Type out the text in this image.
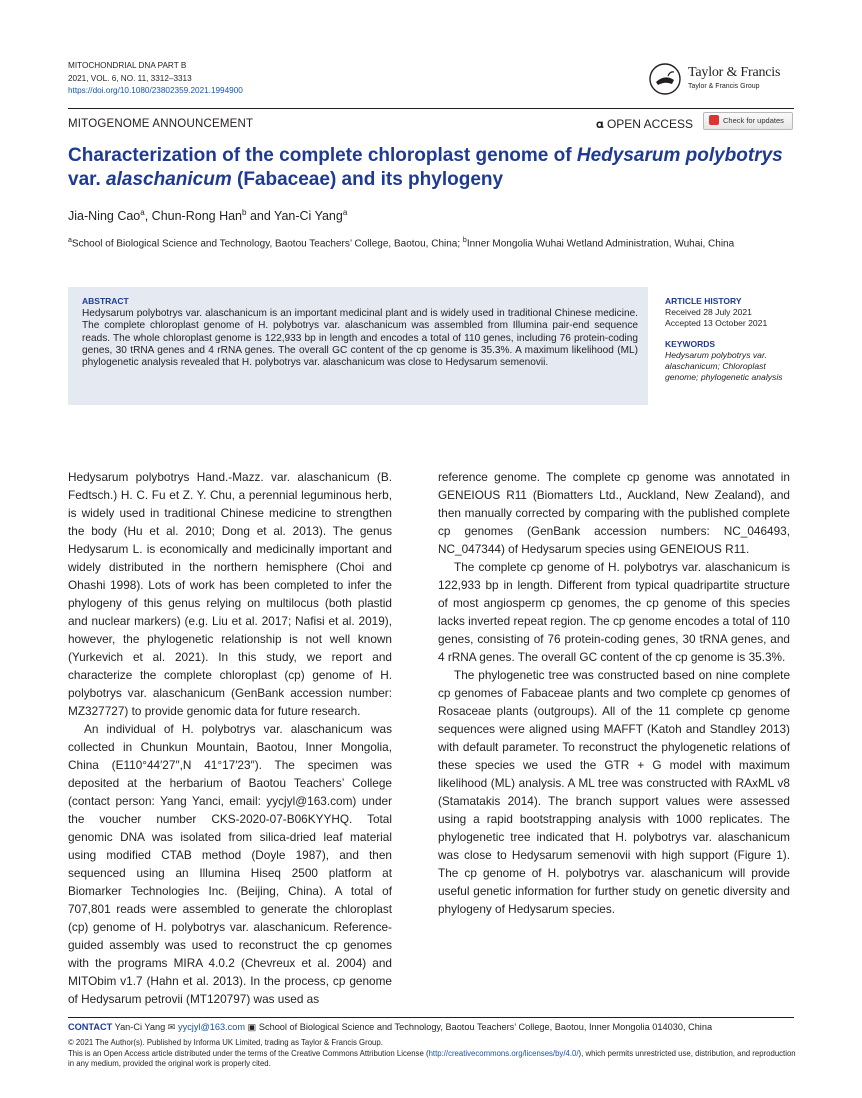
MITOCHONDRIAL DNA PART B
2021, VOL. 6, NO. 11, 3312–3313
https://doi.org/10.1080/23802359.2021.1994900
Taylor & Francis
Taylor & Francis Group
MITOGENOME ANNOUNCEMENT	𝛂 OPEN ACCESS	Check for updates
Characterization of the complete chloroplast genome of Hedysarum polybotrys
var. alaschanicum (Fabaceae) and its phylogeny
Jia-Ning Cao$^a$, Chun-Rong Han$^b$ and Yan-Ci Yang$^a$
$^a$School of Biological Science and Technology, Baotou Teachers’ College, Baotou, China; $^b$Inner Mongolia Wuhai Wetland Administration, Wuhai, China
ABSTRACT
Hedysarum polybotrys var. alaschanicum is an important medicinal plant and is widely used in traditional Chinese medicine. The complete chloroplast genome of H. polybotrys var. alaschanicum was assembled from Illumina pair-end sequence reads. The whole chloroplast genome is 122,933 bp in length and encodes a total of 110 genes, including 76 protein-coding genes, 30 tRNA genes and 4 rRNA genes. The overall GC content of the cp genome is 35.3%. A maximum likelihood (ML) phylogenetic analysis revealed that H. polybotrys var. alaschanicum was close to Hedysarum semenovii.
ARTICLE HISTORY
Received 28 July 2021
Accepted 13 October 2021
KEYWORDS
Hedysarum polybotrys var. alaschanicum; Chloroplast genome; phylogenetic analysis

Hedysarum polybotrys Hand.-Mazz. var. alaschanicum (B. Fedtsch.) H. C. Fu et Z. Y. Chu, a perennial leguminous herb, is widely used in traditional Chinese medicine to strengthen the body (Hu et al. 2010; Dong et al. 2013). The genus Hedysarum L. is economically and medicinally important and widely distributed in the northern hemisphere (Choi and Ohashi 1998). Lots of work has been completed to infer the phylogeny of this genus relying on multilocus (both plastid and nuclear markers) (e.g. Liu et al. 2017; Nafisi et al. 2019), however, the phylogenetic relationship is not well known (Yurkevich et al. 2021). In this study, we report and characterize the complete chloroplast (cp) genome of H. polybotrys var. alaschanicum (GenBank accession number: MZ327727) to provide genomic data for future research.

An individual of H. polybotrys var. alaschanicum was collected in Chunkun Mountain, Baotou, Inner Mongolia, China (E110°44′27″,N 41°17′23″). The specimen was deposited at the herbarium of Baotou Teachers’ College (contact person: Yang Yanci, email: yycjyl@163.com) under the voucher number CKS-2020-07-B06KYYHQ. Total genomic DNA was isolated from silica-dried leaf material using modified CTAB method (Doyle 1987), and then sequenced using an Illumina Hiseq 2500 platform at Biomarker Technologies Inc. (Beijing, China). A total of 707,801 reads were assembled to generate the chloroplast (cp) genome of H. polybotrys var. alaschanicum. Reference-guided assembly was used to reconstruct the cp genomes with the programs MIRA 4.0.2 (Chevreux et al. 2004) and MITObim v1.7 (Hahn et al. 2013). In the process, cp genome of Hedysarum petrovii (MT120797) was used as

reference genome. The complete cp genome was annotated in GENEIOUS R11 (Biomatters Ltd., Auckland, New Zealand), and then manually corrected by comparing with the published complete cp genomes (GenBank accession numbers: NC_046493, NC_047344) of Hedysarum species using GENEIOUS R11.

The complete cp genome of H. polybotrys var. alaschanicum is 122,933 bp in length. Different from typical quadripartite structure of most angiosperm cp genomes, the cp genome of this species lacks inverted repeat region. The cp genome encodes a total of 110 genes, consisting of 76 protein-coding genes, 30 tRNA genes, and 4 rRNA genes. The overall GC content of the cp genome is 35.3%.

The phylogenetic tree was constructed based on nine complete cp genomes of Fabaceae plants and two complete cp genomes of Rosaceae plants (outgroups). All of the 11 complete cp genome sequences were aligned using MAFFT (Katoh and Standley 2013) with default parameter. To reconstruct the phylogenetic relations of these species we used the GTR + G model with maximum likelihood (ML) analysis. A ML tree was constructed with RAxML v8 (Stamatakis 2014). The branch support values were assessed using a rapid bootstrapping analysis with 1000 replicates. The phylogenetic tree indicated that H. polybotrys var. alaschanicum was close to Hedysarum semenovii with high support (Figure 1). The cp genome of H. polybotrys var. alaschanicum will provide useful genetic information for further study on genetic diversity and phylogeny of Hedysarum species.

CONTACT Yan-Ci Yang ✉ yycjyl@163.com ▣ School of Biological Science and Technology, Baotou Teachers’ College, Baotou, Inner Mongolia 014030, China
© 2021 The Author(s). Published by Informa UK Limited, trading as Taylor & Francis Group.
This is an Open Access article distributed under the terms of the Creative Commons Attribution License (http://creativecommons.org/licenses/by/4.0/), which permits unrestricted use, distribution, and reproduction in any medium, provided the original work is properly cited.
